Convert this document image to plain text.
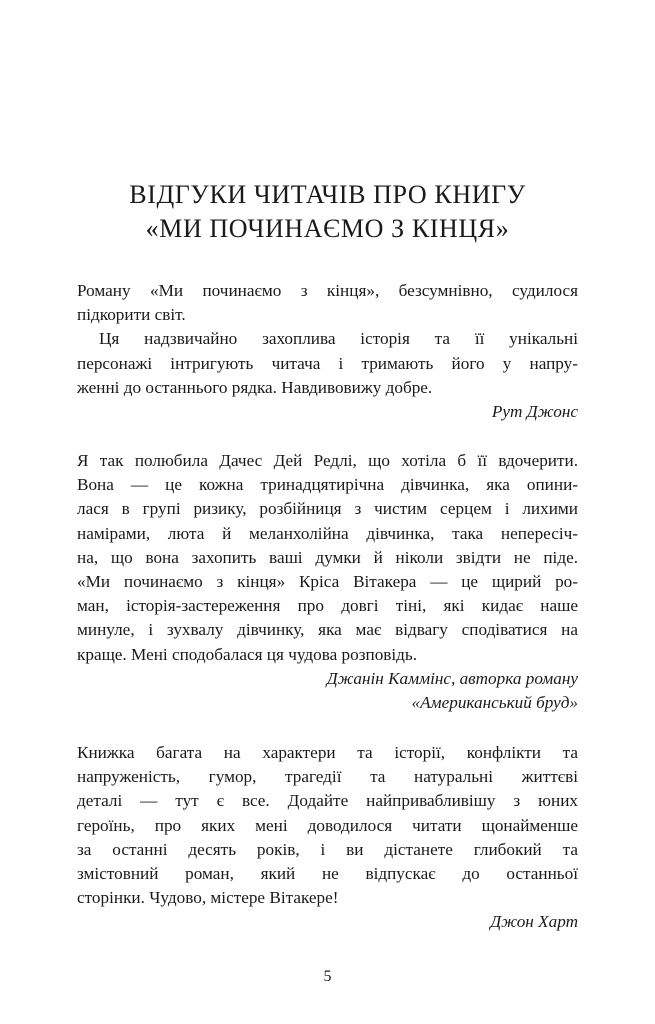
ВІДГУКИ ЧИТАЧІВ ПРО КНИГУ
«МИ ПОЧИНАЄМО З КІНЦЯ»
Роману «Ми починаємо з кінця», безсумнівно, судилося
підкорити світ.
Ця надзвичайно захоплива історія та її унікальні
персонажі інтригують читача і тримають його у напру-
женні до останнього рядка. Навдивовижу добре.
Рут Джонс
Я так полюбила Дачес Дей Редлі, що хотіла б її вдочерити.
Вона — це кожна тринадцятирічна дівчинка, яка опини-
лася в групі ризику, розбійниця з чистим серцем і лихими
намірами, люта й меланхолійна дівчинка, така непересіч-
на, що вона захопить ваші думки й ніколи звідти не піде.
«Ми починаємо з кінця» Кріса Вітакера — це щирий ро-
ман, історія-застереження про довгі тіні, які кидає наше
минуле, і зухвалу дівчинку, яка має відвагу сподіватися на
краще. Мені сподобалася ця чудова розповідь.
Джанін Каммінс, авторка роману
«Американський бруд»
Книжка багата на характери та історії, конфлікти та
напруженість, гумор, трагедії та натуральні життєві
деталі — тут є все. Додайте найпривабливішу з юних
героїнь, про яких мені доводилося читати щонайменше
за останні десять років, і ви дістанете глибокий та
змістовний роман, який не відпускає до останньої
сторінки. Чудово, містере Вітакере!
Джон Харт
5
